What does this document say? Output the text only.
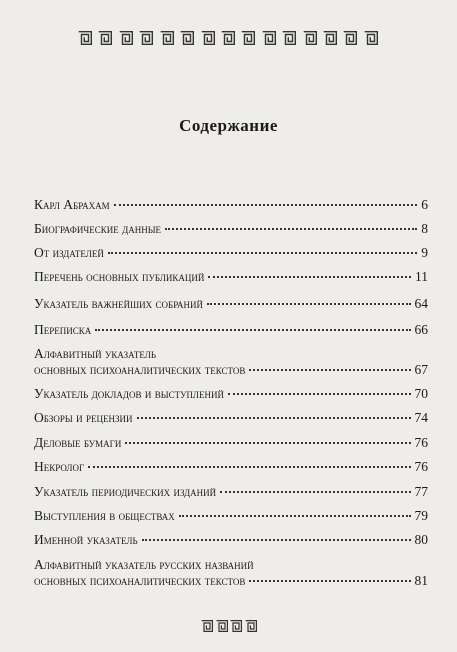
Содержание
Карл Абрахам	6
Биографические данные	8
От издателей	9
Перечень основных публикаций	11
Указатель важнейших собраний	64
Переписка	66
Алфавитный указатель
основных психоаналитических текстов	67
Указатель докладов и выступлений	70
Обзоры и рецензии	74
Деловые бумаги	76
Некролог	76
Указатель периодических изданий	77
Выступления в обществах	79
Именной указатель	80
Алфавитный указатель русских названий
основных психоаналитических текстов	81
